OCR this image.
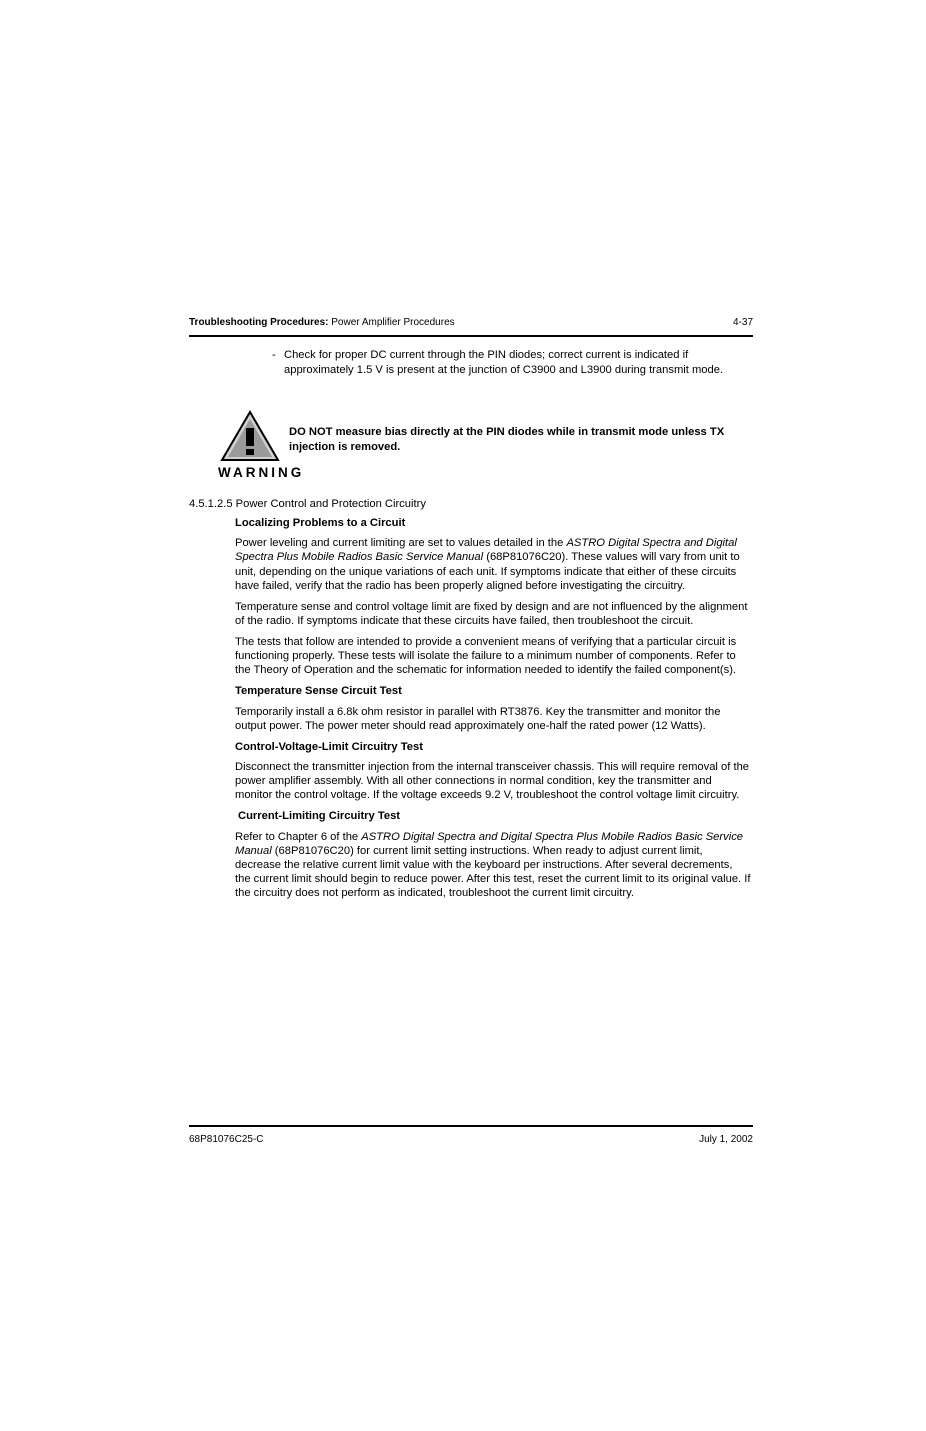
Troubleshooting Procedures: Power Amplifier Procedures	4-37
- Check for proper DC current through the PIN diodes; correct current is indicated if approximately 1.5 V is present at the junction of C3900 and L3900 during transmit mode.
WARNING
DO NOT measure bias directly at the PIN diodes while in transmit mode unless TX injection is removed.
4.5.1.2.5 Power Control and Protection Circuitry
Localizing Problems to a Circuit

Power leveling and current limiting are set to values detailed in the ASTRO Digital Spectra and Digital Spectra Plus Mobile Radios Basic Service Manual (68P81076C20). These values will vary from unit to unit, depending on the unique variations of each unit. If symptoms indicate that either of these circuits have failed, verify that the radio has been properly aligned before investigating the circuitry.

Temperature sense and control voltage limit are fixed by design and are not influenced by the alignment of the radio. If symptoms indicate that these circuits have failed, then troubleshoot the circuit.

The tests that follow are intended to provide a convenient means of verifying that a particular circuit is functioning properly. These tests will isolate the failure to a minimum number of components. Refer to the Theory of Operation and the schematic for information needed to identify the failed component(s).

Temperature Sense Circuit Test

Temporarily install a 6.8k ohm resistor in parallel with RT3876. Key the transmitter and monitor the output power. The power meter should read approximately one-half the rated power (12 Watts).

Control-Voltage-Limit Circuitry Test

Disconnect the transmitter injection from the internal transceiver chassis. This will require removal of the power amplifier assembly. With all other connections in normal condition, key the transmitter and monitor the control voltage. If the voltage exceeds 9.2 V, troubleshoot the control voltage limit circuitry.

Current-Limiting Circuitry Test

Refer to Chapter 6 of the ASTRO Digital Spectra and Digital Spectra Plus Mobile Radios Basic Service Manual (68P81076C20) for current limit setting instructions. When ready to adjust current limit, decrease the relative current limit value with the keyboard per instructions. After several decrements, the current limit should begin to reduce power. After this test, reset the current limit to its original value. If the circuitry does not perform as indicated, troubleshoot the current limit circuitry.

68P81076C25-C	July 1, 2002
